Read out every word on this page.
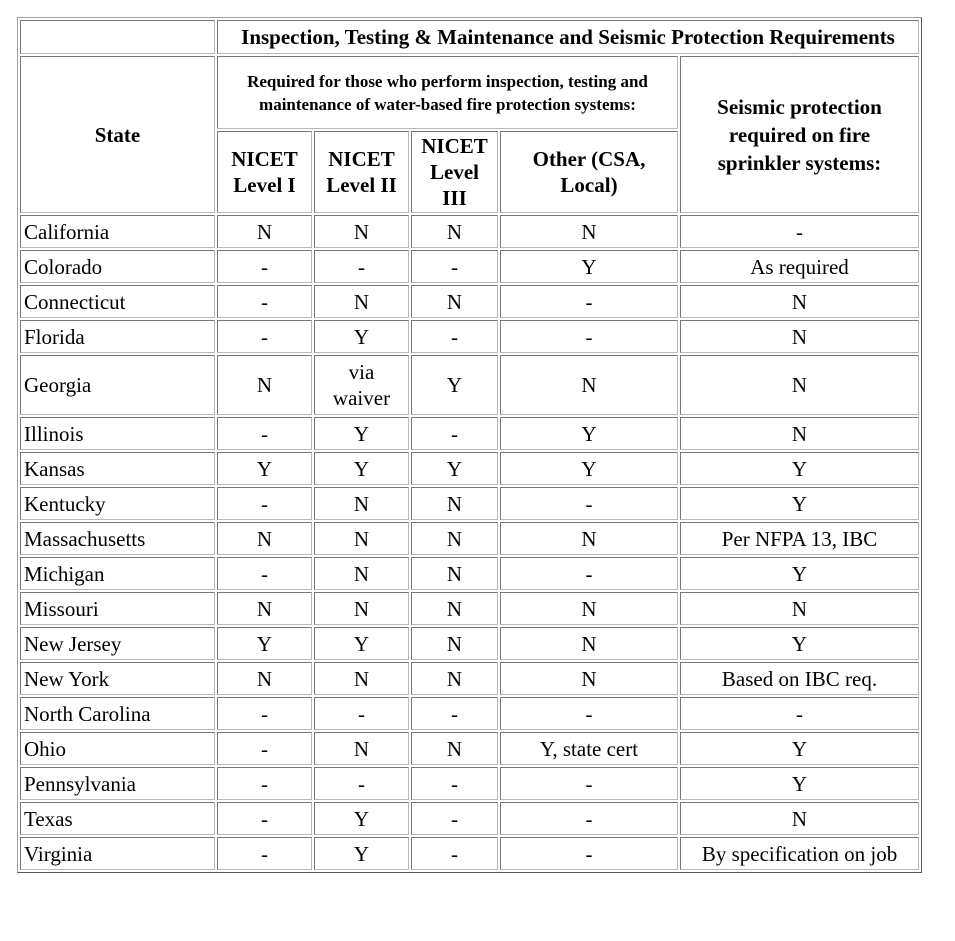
	Inspection, Testing & Maintenance and Seismic Protection Requirements				
State	Required for those who perform inspection, testing and maintenance of water-based fire protection systems:				Seismic protection required on fire sprinkler systems:
	NICET Level I	NICET Level II	NICET Level III	Other (CSA, Local)	
California	N	N	N	N	-
Colorado	-	-	-	Y	As required
Connecticut	-	N	N	-	N
Florida	-	Y	-	-	N
Georgia	N	via waiver	Y	N	N
Illinois	-	Y	-	Y	N
Kansas	Y	Y	Y	Y	Y
Kentucky	-	N	N	-	Y
Massachusetts	N	N	N	N	Per NFPA 13, IBC
Michigan	-	N	N	-	Y
Missouri	N	N	N	N	N
New Jersey	Y	Y	N	N	Y
New York	N	N	N	N	Based on IBC req.
North Carolina	-	-	-	-	-
Ohio	-	N	N	Y, state cert	Y
Pennsylvania	-	-	-	-	Y
Texas	-	Y	-	-	N
Virginia	-	Y	-	-	By specification on job
